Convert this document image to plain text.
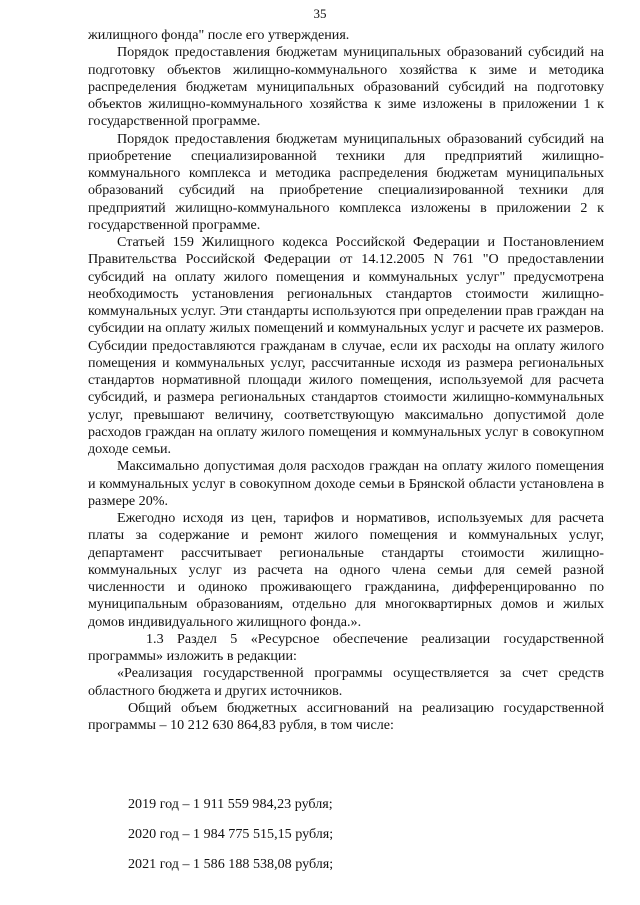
35

жилищного фонда" после его утверждения.

Порядок предоставления бюджетам муниципальных образований субсидий на подготовку объектов жилищно-коммунального хозяйства к зиме и методика распределения бюджетам муниципальных образований субсидий на подготовку объектов жилищно-коммунального хозяйства к зиме изложены в приложении 1 к государственной программе.

Порядок предоставления бюджетам муниципальных образований субсидий на приобретение специализированной техники для предприятий жилищно-коммунального комплекса и методика распределения бюджетам муниципальных образований субсидий на приобретение специализированной техники для предприятий жилищно-коммунального комплекса изложены в приложении 2 к государственной программе.

Статьей 159 Жилищного кодекса Российской Федерации и Постановлением Правительства Российской Федерации от 14.12.2005 N 761 "О предоставлении субсидий на оплату жилого помещения и коммунальных услуг" предусмотрена необходимость установления региональных стандартов стоимости жилищно-коммунальных услуг. Эти стандарты используются при определении прав граждан на субсидии на оплату жилых помещений и коммунальных услуг и расчете их размеров. Субсидии предоставляются гражданам в случае, если их расходы на оплату жилого помещения и коммунальных услуг, рассчитанные исходя из размера региональных стандартов нормативной площади жилого помещения, используемой для расчета субсидий, и размера региональных стандартов стоимости жилищно-коммунальных услуг, превышают величину, соответствующую максимально допустимой доле расходов граждан на оплату жилого помещения и коммунальных услуг в совокупном доходе семьи.

Максимально допустимая доля расходов граждан на оплату жилого помещения и коммунальных услуг в совокупном доходе семьи в Брянской области установлена в размере 20%.

Ежегодно исходя из цен, тарифов и нормативов, используемых для расчета платы за содержание и ремонт жилого помещения и коммунальных услуг, департамент рассчитывает региональные стандарты стоимости жилищно-коммунальных услуг из расчета на одного члена семьи для семей разной численности и одиноко проживающего гражданина, дифференцированно по муниципальным образованиям, отдельно для многоквартирных домов и жилых домов индивидуального жилищного фонда.».

1.3 Раздел 5 «Ресурсное обеспечение реализации государственной программы» изложить в редакции:

«Реализация государственной программы осуществляется за счет средств областного бюджета и других источников.

Общий объем бюджетных ассигнований на реализацию государственной программы – 10 212 630 864,83 рубля, в том числе:

2019 год – 1 911 559 984,23 рубля;
2020 год – 1 984 775 515,15 рубля;
2021 год – 1 586 188 538,08 рубля;
